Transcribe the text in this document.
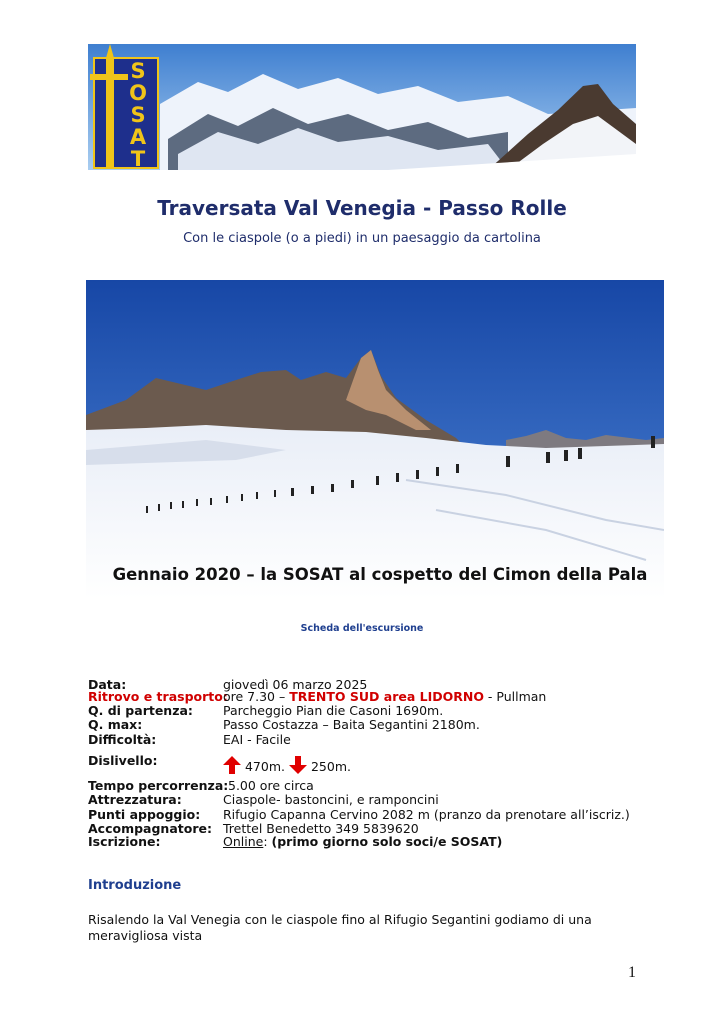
S
O
S
A
T
Traversata Val Venegia - Passo Rolle
Con le ciaspole (o a piedi) in un paesaggio da cartolina
Gennaio 2020 – la SOSAT al cospetto del Cimon della Pala
Scheda dell'escursione
Data:	giovedì 06 marzo 2025
Ritrovo e trasporto:
ore 7.30 – TRENTO SUD area LIDORNO - Pullman
Q. di partenza: Parcheggio Pian die Casoni 1690m.
Q. max:	Passo Costazza – Baita Segantini 2180m.
Difficoltà:	EAI - Facile
Dislivello:	470m. 250m.
Tempo percorrenza: 5.00 ore circa
Attrezzatura:	Ciaspole- bastoncini, e ramponcini
Punti appoggio: Rifugio Capanna Cervino 2082 m (pranzo da prenotare all’iscriz.)
Accompagnatore: Trettel Benedetto 349 5839620
Iscrizione:	Online: (primo giorno solo soci/e SOSAT)
Introduzione
Risalendo la Val Venegia con le ciaspole fino al Rifugio Segantini godiamo di una meravigliosa vista
1
